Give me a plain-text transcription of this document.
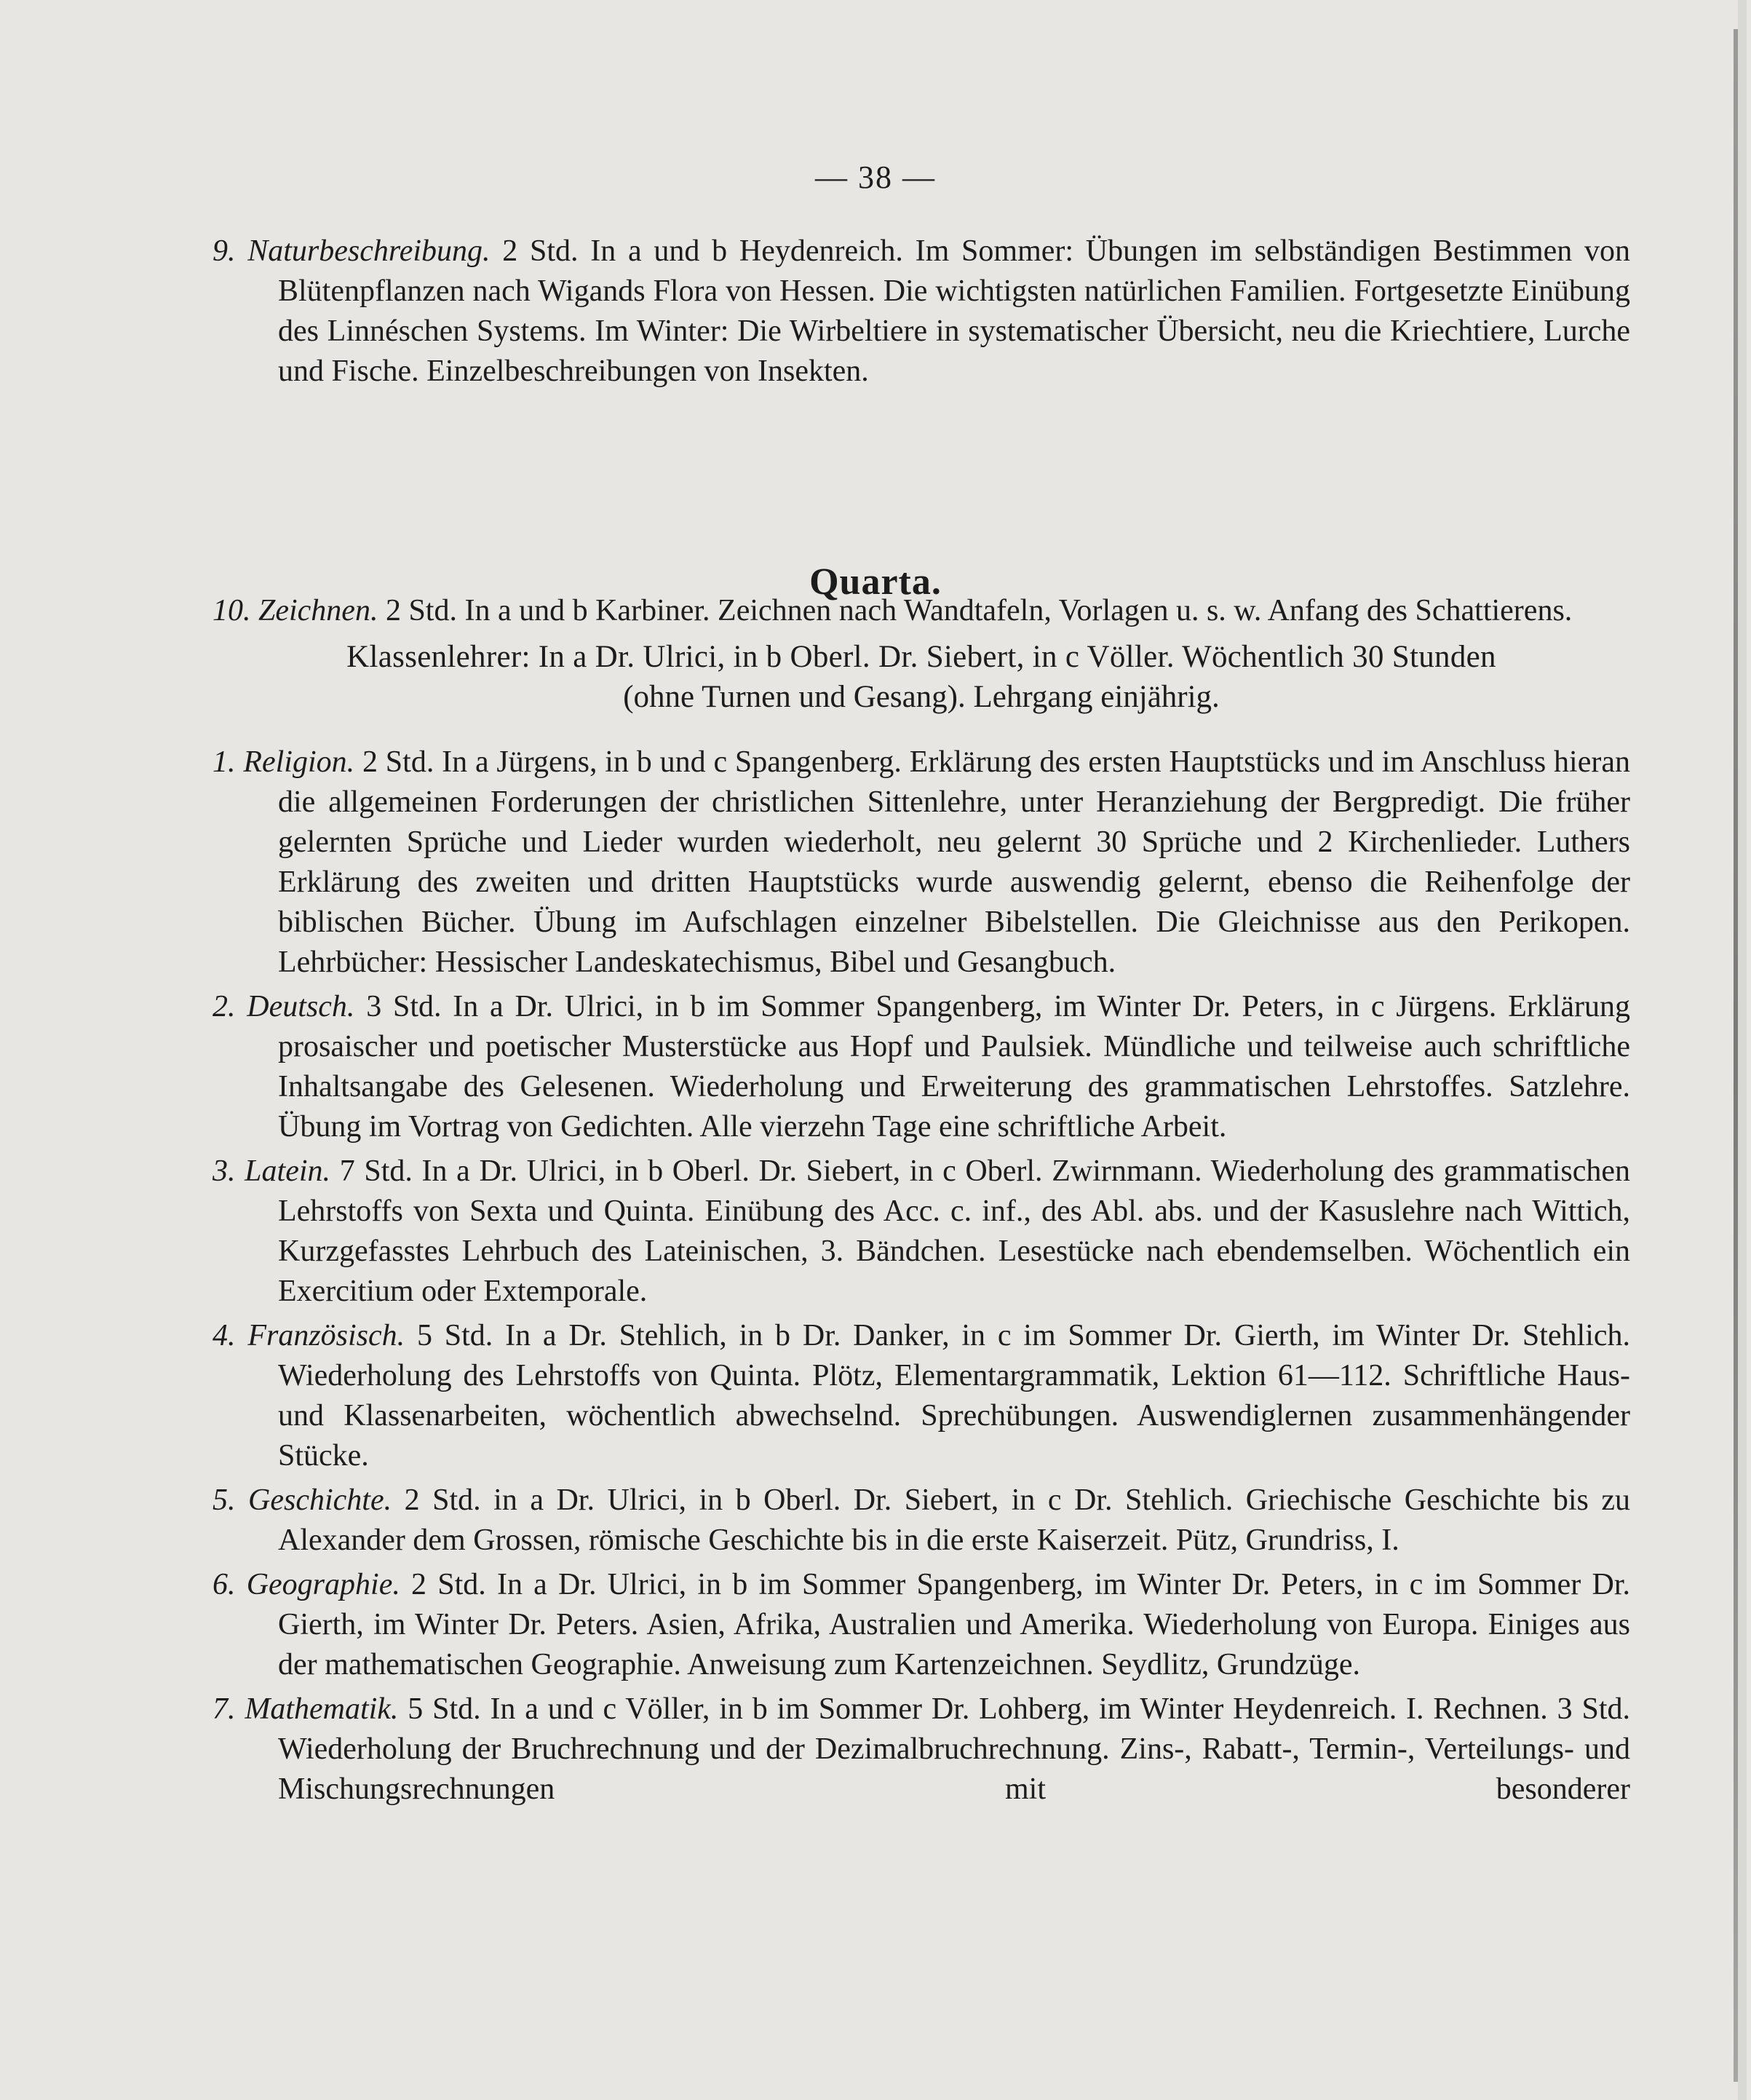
— 38 —

9. Naturbeschreibung. 2 Std. In a und b Heydenreich. Im Sommer: Übungen im selbständigen Bestimmen von Blütenpflanzen nach Wigands Flora von Hessen. Die wichtigsten natürlichen Familien. Fortgesetzte Einübung des Linnéschen Systems. Im Winter: Die Wirbeltiere in systematischer Übersicht, neu die Kriechtiere, Lurche und Fische. Einzelbeschreibungen von Insekten.

10. Zeichnen. 2 Std. In a und b Karbiner. Zeichnen nach Wandtafeln, Vorlagen u. s. w. Anfang des Schattierens.

Quarta.
Klassenlehrer: In a Dr. Ulrici, in b Oberl. Dr. Siebert, in c Völler. Wöchentlich 30 Stunden
(ohne Turnen und Gesang). Lehrgang einjährig.

1. Religion. 2 Std. In a Jürgens, in b und c Spangenberg. Erklärung des ersten Hauptstücks und im Anschluss hieran die allgemeinen Forderungen der christlichen Sittenlehre, unter Heranziehung der Bergpredigt. Die früher gelernten Sprüche und Lieder wurden wiederholt, neu gelernt 30 Sprüche und 2 Kirchenlieder. Luthers Erklärung des zweiten und dritten Hauptstücks wurde auswendig gelernt, ebenso die Reihenfolge der biblischen Bücher. Übung im Aufschlagen einzelner Bibelstellen. Die Gleichnisse aus den Perikopen. Lehrbücher: Hessischer Landeskatechismus, Bibel und Gesangbuch.

2. Deutsch. 3 Std. In a Dr. Ulrici, in b im Sommer Spangenberg, im Winter Dr. Peters, in c Jürgens. Erklärung prosaischer und poetischer Musterstücke aus Hopf und Paulsiek. Mündliche und teilweise auch schriftliche Inhaltsangabe des Gelesenen. Wiederholung und Erweiterung des grammatischen Lehrstoffes. Satzlehre. Übung im Vortrag von Gedichten. Alle vierzehn Tage eine schriftliche Arbeit.

3. Latein. 7 Std. In a Dr. Ulrici, in b Oberl. Dr. Siebert, in c Oberl. Zwirnmann. Wiederholung des grammatischen Lehrstoffs von Sexta und Quinta. Einübung des Acc. c. inf., des Abl. abs. und der Kasuslehre nach Wittich, Kurzgefasstes Lehrbuch des Lateinischen, 3. Bändchen. Lesestücke nach ebendemselben. Wöchentlich ein Exercitium oder Extemporale.

4. Französisch. 5 Std. In a Dr. Stehlich, in b Dr. Danker, in c im Sommer Dr. Gierth, im Winter Dr. Stehlich. Wiederholung des Lehrstoffs von Quinta. Plötz, Elementargrammatik, Lektion 61—112. Schriftliche Haus- und Klassenarbeiten, wöchentlich abwechselnd. Sprechübungen. Auswendiglernen zusammenhängender Stücke.

5. Geschichte. 2 Std. in a Dr. Ulrici, in b Oberl. Dr. Siebert, in c Dr. Stehlich. Griechische Geschichte bis zu Alexander dem Grossen, römische Geschichte bis in die erste Kaiserzeit. Pütz, Grundriss, I.

6. Geographie. 2 Std. In a Dr. Ulrici, in b im Sommer Spangenberg, im Winter Dr. Peters, in c im Sommer Dr. Gierth, im Winter Dr. Peters. Asien, Afrika, Australien und Amerika. Wiederholung von Europa. Einiges aus der mathematischen Geographie. Anweisung zum Kartenzeichnen. Seydlitz, Grundzüge.

7. Mathematik. 5 Std. In a und c Völler, in b im Sommer Dr. Lohberg, im Winter Heydenreich. I. Rechnen. 3 Std. Wiederholung der Bruchrechnung und der Dezimalbruchrechnung. Zins-, Rabatt-, Termin-, Verteilungs- und Mischungsrechnungen mit besonderer
